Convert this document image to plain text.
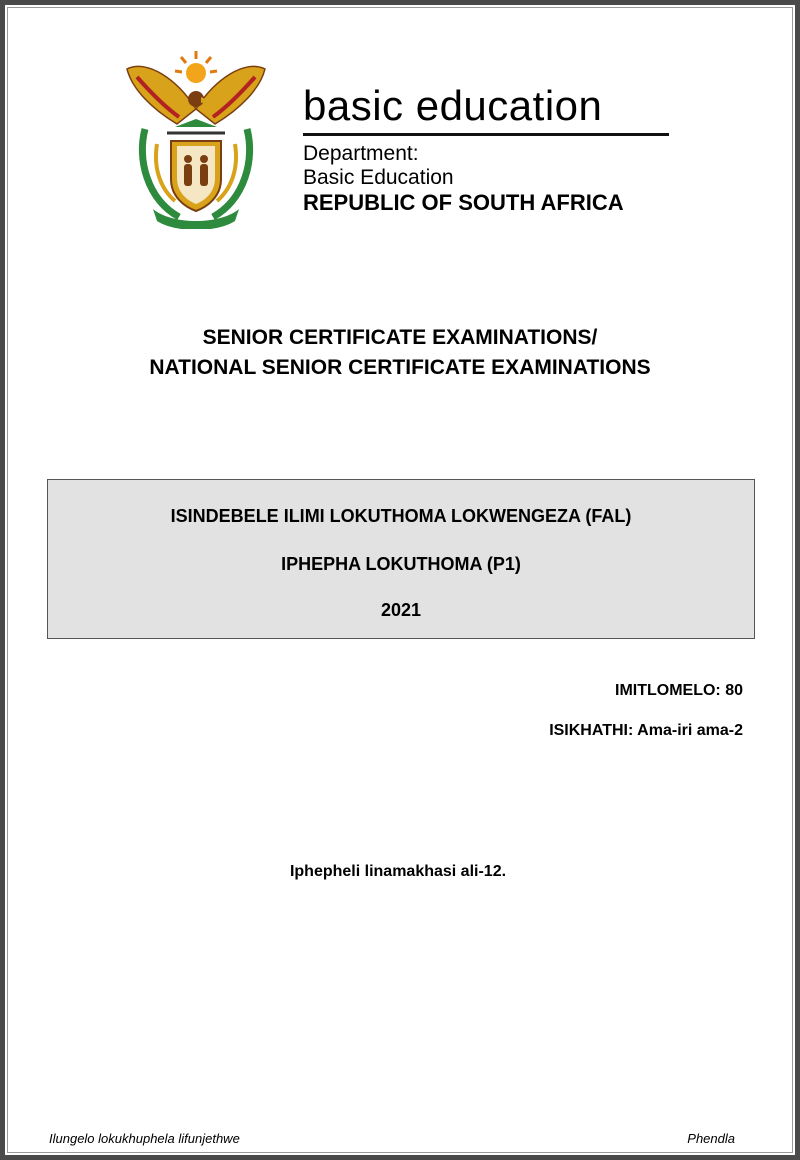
basic education
Department:
Basic Education
REPUBLIC OF SOUTH AFRICA
SENIOR CERTIFICATE EXAMINATIONS/
NATIONAL SENIOR CERTIFICATE EXAMINATIONS
ISINDEBELE ILIMI LOKUTHOMA LOKWENGEZA (FAL)
IPHEPHA LOKUTHOMA (P1)
2021
IMITLOMELO: 80
ISIKHATHI: Ama-iri ama-2
Iphepheli linamakhasi ali-12.
Ilungelo lokukhuphela lifunjethwe	Phendla
